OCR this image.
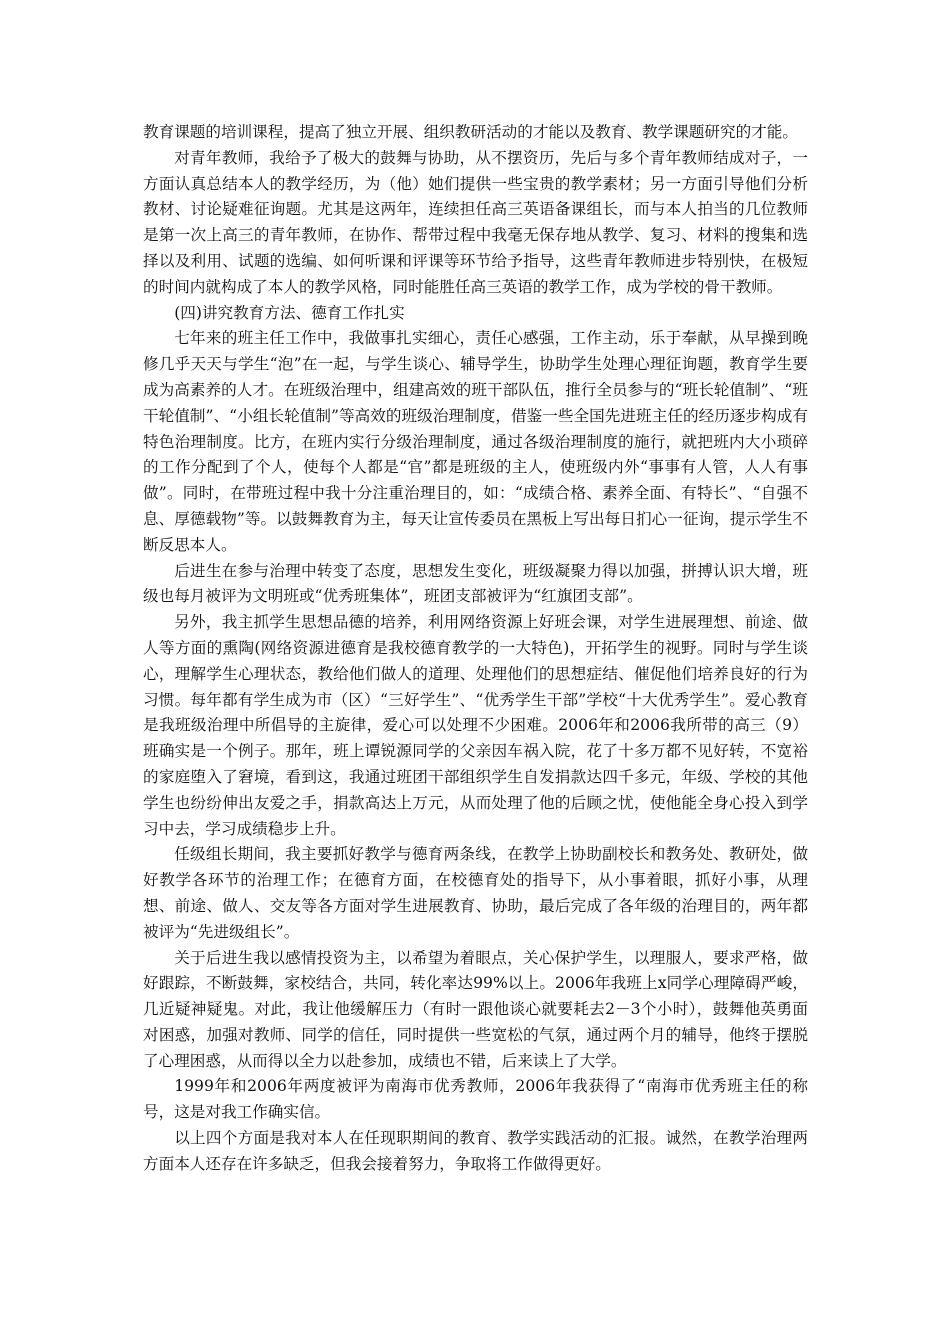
教育课题的培训课程，提高了独立开展、组织教研活动的才能以及教育、教学课题研究的才能。

对青年教师，我给予了极大的鼓舞与协助，从不摆资历，先后与多个青年教师结成对子，一方面认真总结本人的教学经历，为（他）她们提供一些宝贵的教学素材；另一方面引导他们分析教材、讨论疑难征询题。尤其是这两年，连续担任高三英语备课组长，而与本人拍当的几位教师是第一次上高三的青年教师，在协作、帮带过程中我毫无保存地从教学、复习、材料的搜集和选择以及利用、试题的选编、如何听课和评课等环节给予指导，这些青年教师进步特别快，在极短的时间内就构成了本人的教学风格，同时能胜任高三英语的教学工作，成为学校的骨干教师。

(四)讲究教育方法、德育工作扎实

七年来的班主任工作中，我做事扎实细心，责任心感强，工作主动，乐于奉献，从早操到晚修几乎天天与学生“泡”在一起，与学生谈心、辅导学生，协助学生处理心理征询题，教育学生要成为高素养的人才。在班级治理中，组建高效的班干部队伍，推行全员参与的“班长轮值制”、“班干轮值制”、“小组长轮值制”等高效的班级治理制度，借鉴一些全国先进班主任的经历逐步构成有特色治理制度。比方，在班内实行分级治理制度，通过各级治理制度的施行，就把班内大小琐碎的工作分配到了个人，使每个人都是“官”都是班级的主人，使班级内外“事事有人管，人人有事做”。同时，在带班过程中我十分注重治理目的，如：“成绩合格、素养全面、有特长”、“自强不息、厚德载物”等。以鼓舞教育为主，每天让宣传委员在黑板上写出每日扪心一征询，提示学生不断反思本人。

后进生在参与治理中转变了态度，思想发生变化，班级凝聚力得以加强，拼搏认识大增，班级也每月被评为文明班或“优秀班集体”，班团支部被评为“红旗团支部”。

另外，我主抓学生思想品德的培养，利用网络资源上好班会课，对学生进展理想、前途、做人等方面的熏陶(网络资源进德育是我校德育教学的一大特色)，开拓学生的视野。同时与学生谈心，理解学生心理状态，教给他们做人的道理、处理他们的思想症结、催促他们培养良好的行为习惯。每年都有学生成为市（区）“三好学生”、“优秀学生干部”学校“十大优秀学生”。爱心教育是我班级治理中所倡导的主旋律，爱心可以处理不少困难。2006年和2006我所带的高三（9）班确实是一个例子。那年，班上谭锐源同学的父亲因车祸入院，花了十多万都不见好转，不宽裕的家庭堕入了窘境，看到这，我通过班团干部组织学生自发捐款达四千多元，年级、学校的其他学生也纷纷伸出友爱之手，捐款高达上万元，从而处理了他的后顾之忧，使他能全身心投入到学习中去，学习成绩稳步上升。

任级组长期间，我主要抓好教学与德育两条线，在教学上协助副校长和教务处、教研处，做好教学各环节的治理工作；在德育方面，在校德育处的指导下，从小事着眼，抓好小事，从理想、前途、做人、交友等各方面对学生进展教育、协助，最后完成了各年级的治理目的，两年都被评为“先进级组长”。

关于后进生我以感情投资为主，以希望为着眼点，关心保护学生，以理服人，要求严格，做好跟踪，不断鼓舞，家校结合，共同，转化率达99%以上。2006年我班上x同学心理障碍严峻，几近疑神疑鬼。对此，我让他缓解压力（有时一跟他谈心就要耗去2－3个小时），鼓舞他英勇面对困惑，加强对教师、同学的信任，同时提供一些宽松的气氛，通过两个月的辅导，他终于摆脱了心理困惑，从而得以全力以赴参加，成绩也不错，后来读上了大学。

1999年和2006年两度被评为南海市优秀教师，2006年我获得了“南海市优秀班主任的称号，这是对我工作确实信。

以上四个方面是我对本人在任现职期间的教育、教学实践活动的汇报。诚然，在教学治理两方面本人还存在许多缺乏，但我会接着努力，争取将工作做得更好。
